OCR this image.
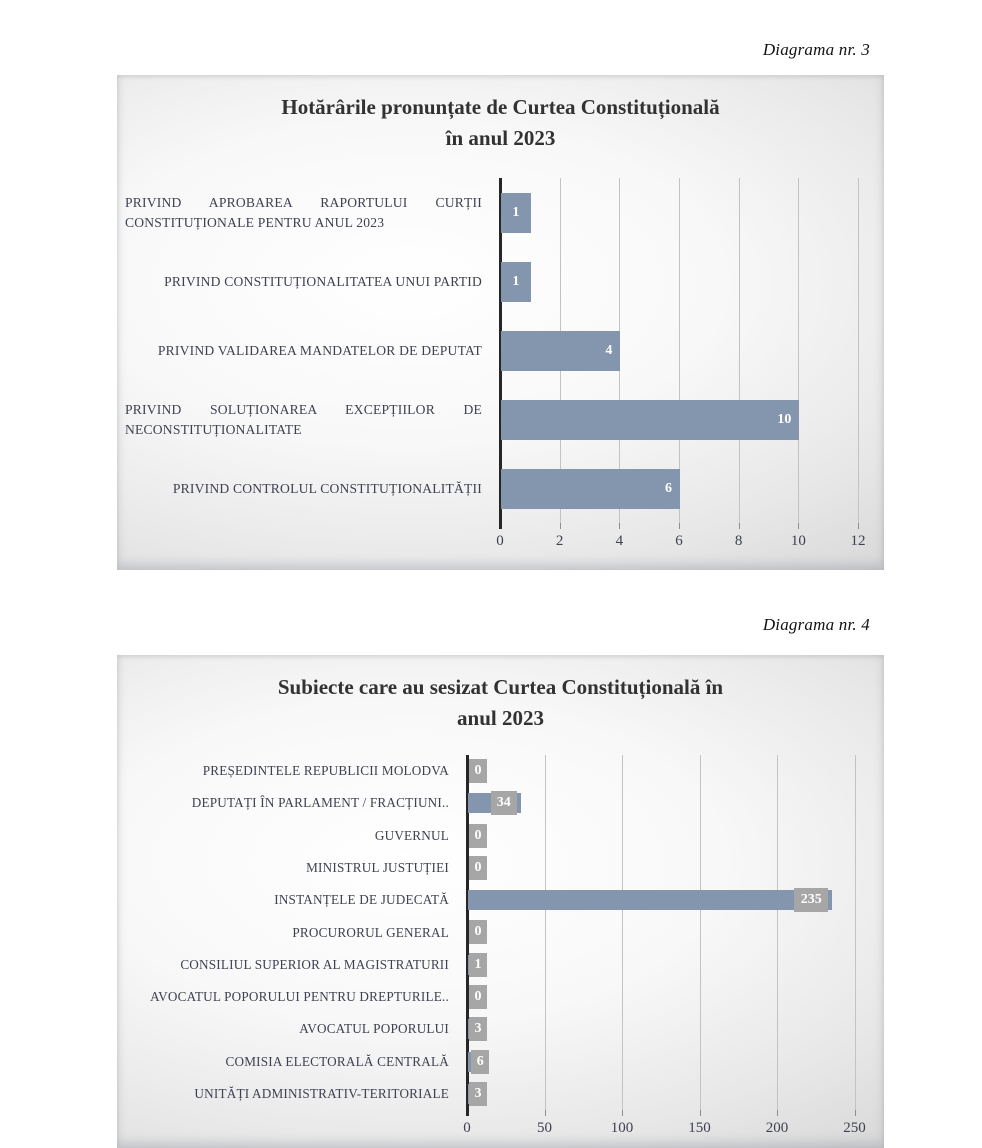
Diagrama nr. 3
Hotărârile pronunțate de Curtea Constituțională
în anul 2023
0	2	4	6	8	10	12
PRIVIND APROBAREA RAPORTULUI CURȚII CONSTITUȚIONALE PENTRU ANUL 2023
1
PRIVIND CONSTITUȚIONALITATEA UNUI PARTID 1
PRIVIND VALIDAREA MANDATELOR DE DEPUTAT	4
PRIVIND SOLUȚIONAREA EXCEPȚIILOR DE NECONSTITUȚIONALITATE
10
PRIVIND CONTROLUL CONSTITUȚIONALITĂȚII	6
Diagrama nr. 4
Subiecte care au sesizat Curtea Constituțională în
anul 2023
0	50	100	150	200	250
PREȘEDINTELE REPUBLICII MOLODVA	0
DEPUTAȚI ÎN PARLAMENT / FRACȚIUNI..	34
GUVERNUL	0
MINISTRUL JUSTUȚIEI	0
INSTANȚELE DE JUDECATĂ	235
PROCURORUL GENERAL	0
CONSILIUL SUPERIOR AL MAGISTRATURII	1
AVOCATUL POPORULUI PENTRU DREPTURILE..	0
AVOCATUL POPORULUI	3
COMISIA ELECTORALĂ CENTRALĂ	6
UNITĂȚI ADMINISTRATIV-TERITORIALE	3
